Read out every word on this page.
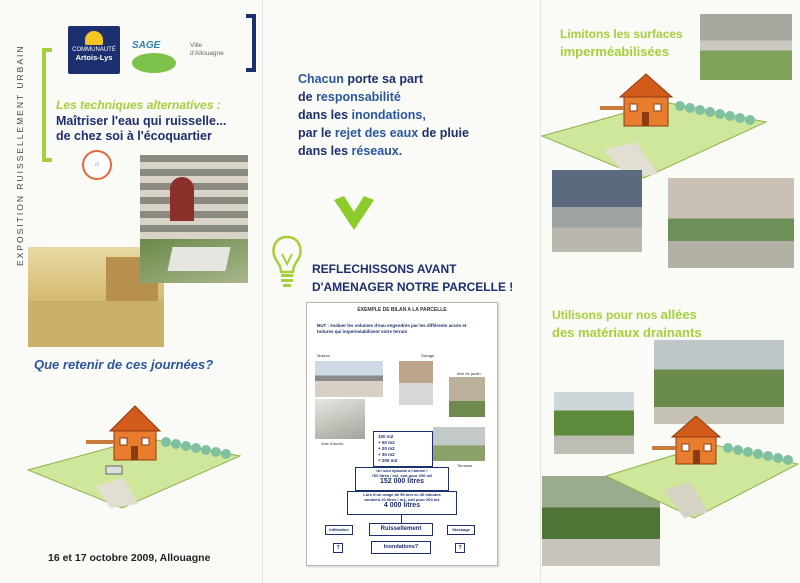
EXPOSITION RUISSELLEMENT URBAIN	COMMUNAUTÉ
Artois-Lys
SAGE	Ville d'Allouagne
Les techniques alternatives :
Maîtriser l'eau qui ruisselle...
de chez soi à l'écoquartier
⌂
Que retenir de ces journées?
16 et 17 octobre 2009, Allouagne
Chacun porte sa part
de responsabilité
dans les inondations,
par le rejet des eaux de pluie
dans les réseaux.
REFLECHISSONS AVANT
D'AMENAGER NOTRE PARCELLE !
EXEMPLE DE BILAN A LA PARCELLE
BUT : évaluer les volumes d'eau engendrés par les différents accès et toitures qui imperméabilisent votre terrain
Maison	Garage
Abri de jardin
Voie d'accès
Terrasse
100 m2
+ 50 m2
+ 20 m2
+ 30 m2
= 200 m2
Un seul épisode à l'année !
760 litres / m2, soit pour 200 m2
152 000 litres
Lors d'un orage de 50 mm en 30 minutes
tombent 20 litres / m2, soit pour 200 m2
4 000 litres
Infiltration	Ruissellement	Stockage
?	Inondations?	?
Limitons les surfaces
imperméabilisées
Utilisons pour nos allées
des matériaux drainants
